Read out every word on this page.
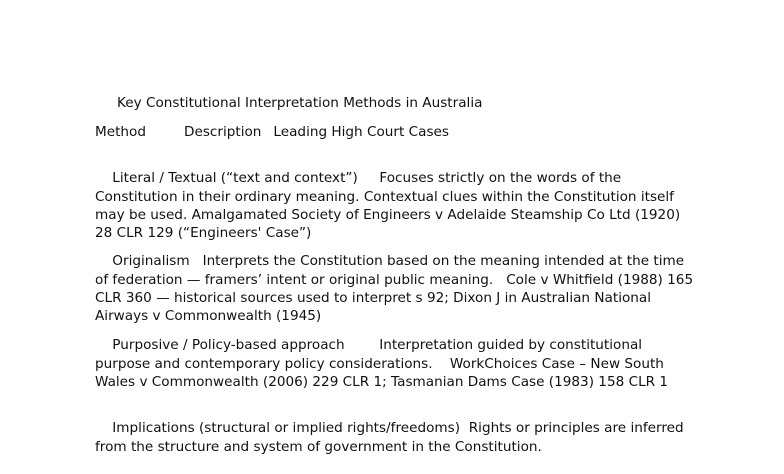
Key Constitutional Interpretation Methods in Australia
Method	Description Leading High Court Cases

Literal / Textual (“text and context”) Focuses strictly on the words of the Constitution in their ordinary meaning. Contextual clues within the Constitution itself may be used. Amalgamated Society of Engineers v Adelaide Steamship Co Ltd (1920) 28 CLR 129 (“Engineers' Case”)

Originalism Interprets the Constitution based on the meaning intended at the time of federation — framers’ intent or original public meaning. Cole v Whitfield (1988) 165 CLR 360 — historical sources used to interpret s 92; Dixon J in Australian National Airways v Commonwealth (1945)

Purposive / Policy-based approach	Interpretation guided by constitutional purpose and contemporary policy considerations. WorkChoices Case – New South Wales v Commonwealth (2006) 229 CLR 1; Tasmanian Dams Case (1983) 158 CLR 1

Implications (structural or implied rights/freedoms) Rights or principles are inferred from the structure and system of government in the Constitution.
